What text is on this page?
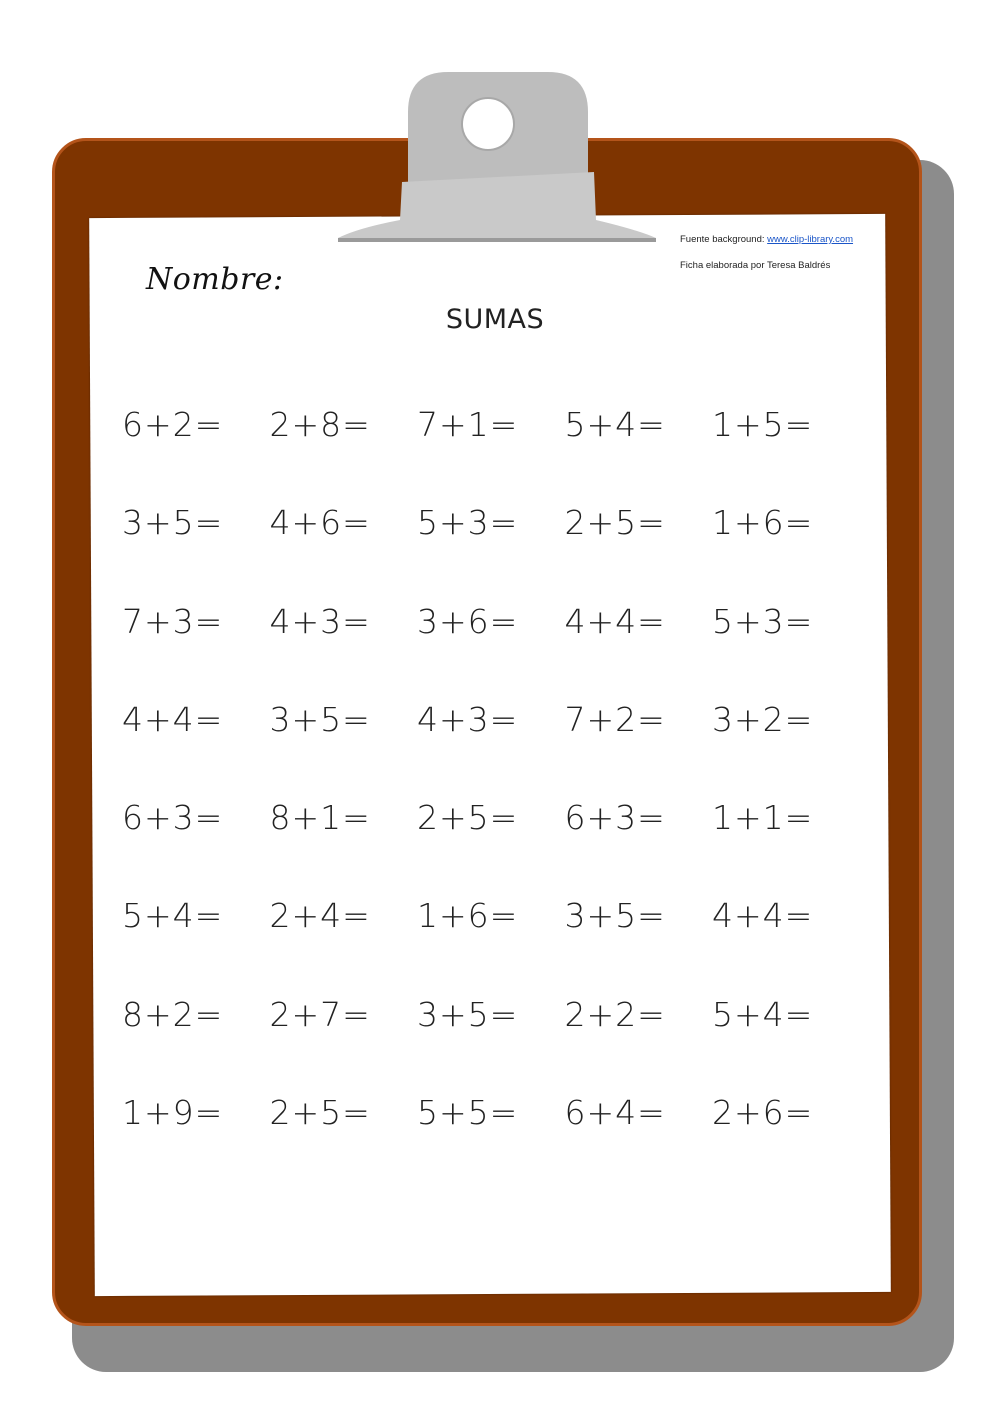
Fuente background: www.clip-library.com
Ficha elaborada por Teresa Baldrés
Nombre:
SUMAS
6+2=	2+8=	7+1=	5+4=	1+5=
3+5=	4+6=	5+3=	2+5=	1+6=
7+3=	4+3=	3+6=	4+4=	5+3=
4+4=	3+5=	4+3=	7+2=	3+2=
6+3=	8+1=	2+5=	6+3=	1+1=
5+4=	2+4=	1+6=	3+5=	4+4=
8+2=	2+7=	3+5=	2+2=	5+4=
1+9=	2+5=	5+5=	6+4=	2+6=
